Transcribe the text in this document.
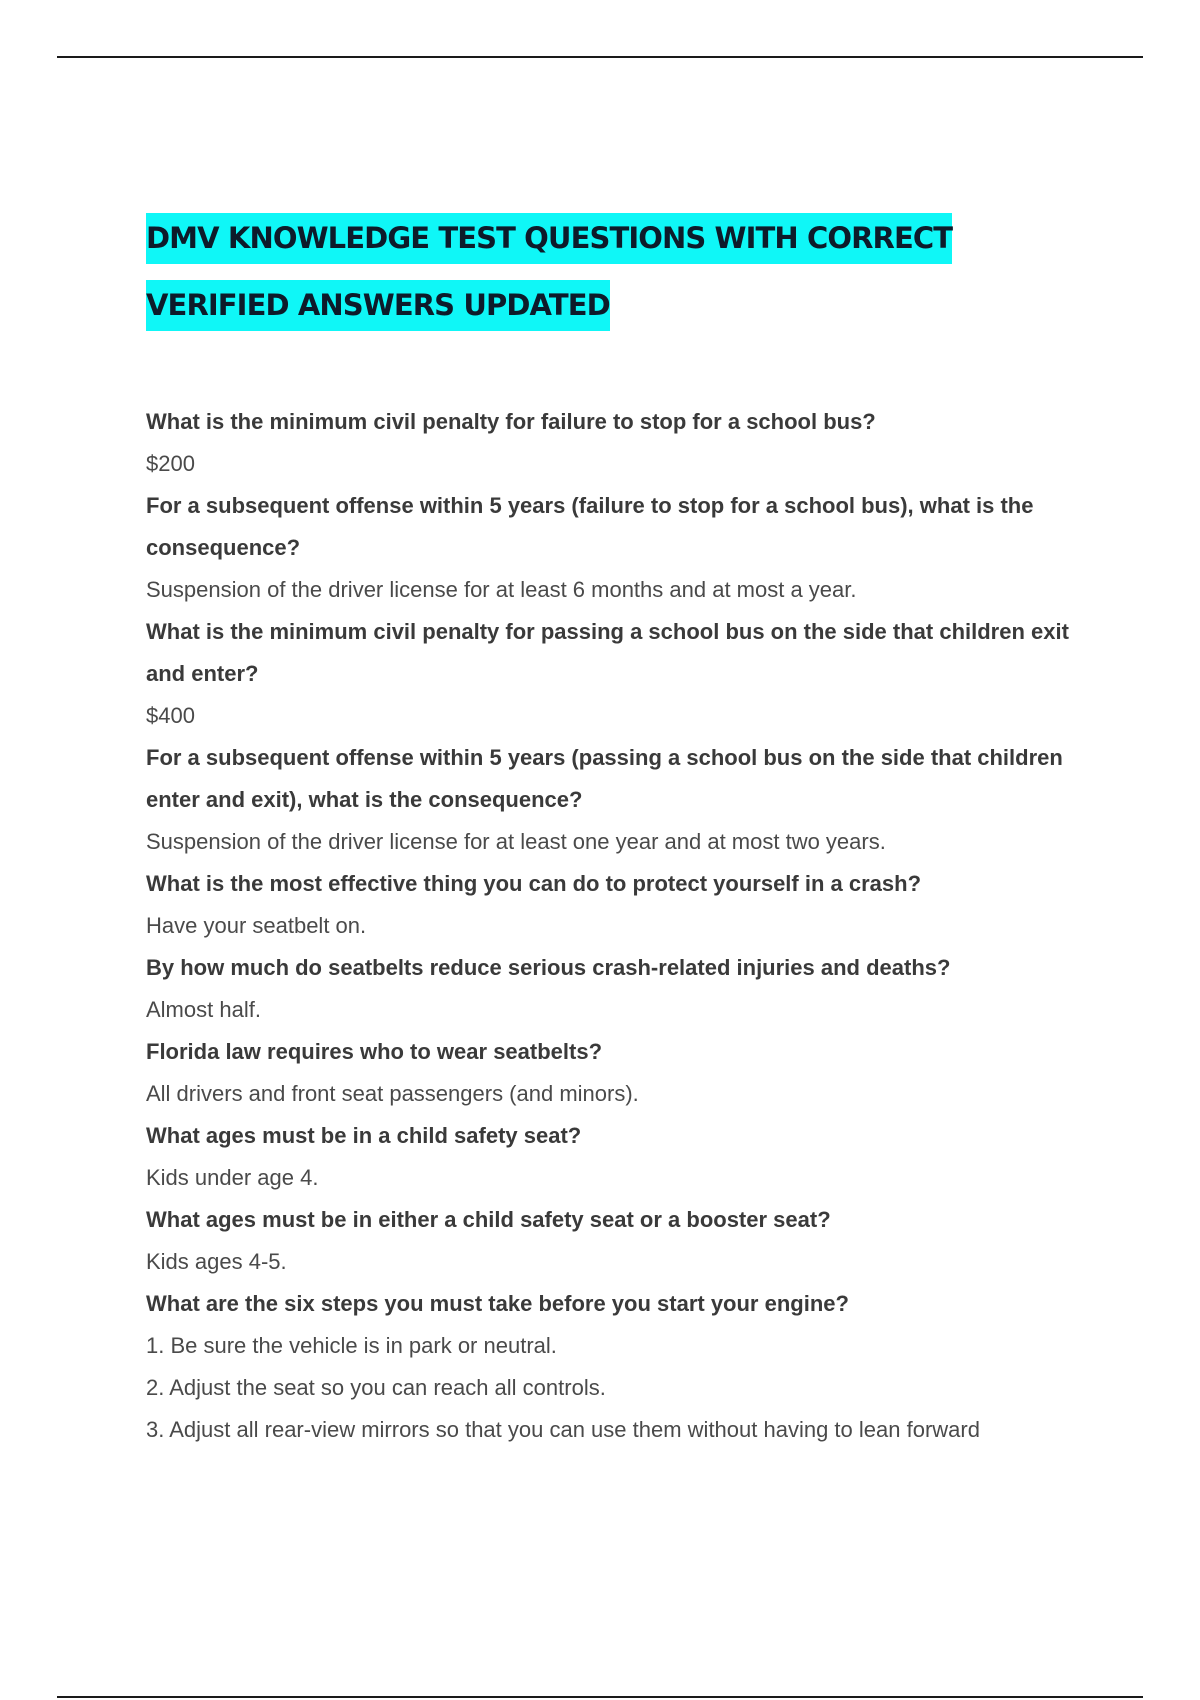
DMV KNOWLEDGE TEST QUESTIONS WITH CORRECT VERIFIED ANSWERS UPDATED

What is the minimum civil penalty for failure to stop for a school bus?

$200

For a subsequent offense within 5 years (failure to stop for a school bus), what is the consequence?

Suspension of the driver license for at least 6 months and at most a year.

What is the minimum civil penalty for passing a school bus on the side that children exit and enter?

$400

For a subsequent offense within 5 years (passing a school bus on the side that children enter and exit), what is the consequence?

Suspension of the driver license for at least one year and at most two years.

What is the most effective thing you can do to protect yourself in a crash?

Have your seatbelt on.

By how much do seatbelts reduce serious crash-related injuries and deaths?

Almost half.

Florida law requires who to wear seatbelts?

All drivers and front seat passengers (and minors).

What ages must be in a child safety seat?

Kids under age 4.

What ages must be in either a child safety seat or a booster seat?

Kids ages 4-5.

What are the six steps you must take before you start your engine?

1. Be sure the vehicle is in park or neutral.

2. Adjust the seat so you can reach all controls.

3. Adjust all rear-view mirrors so that you can use them without having to lean forward
